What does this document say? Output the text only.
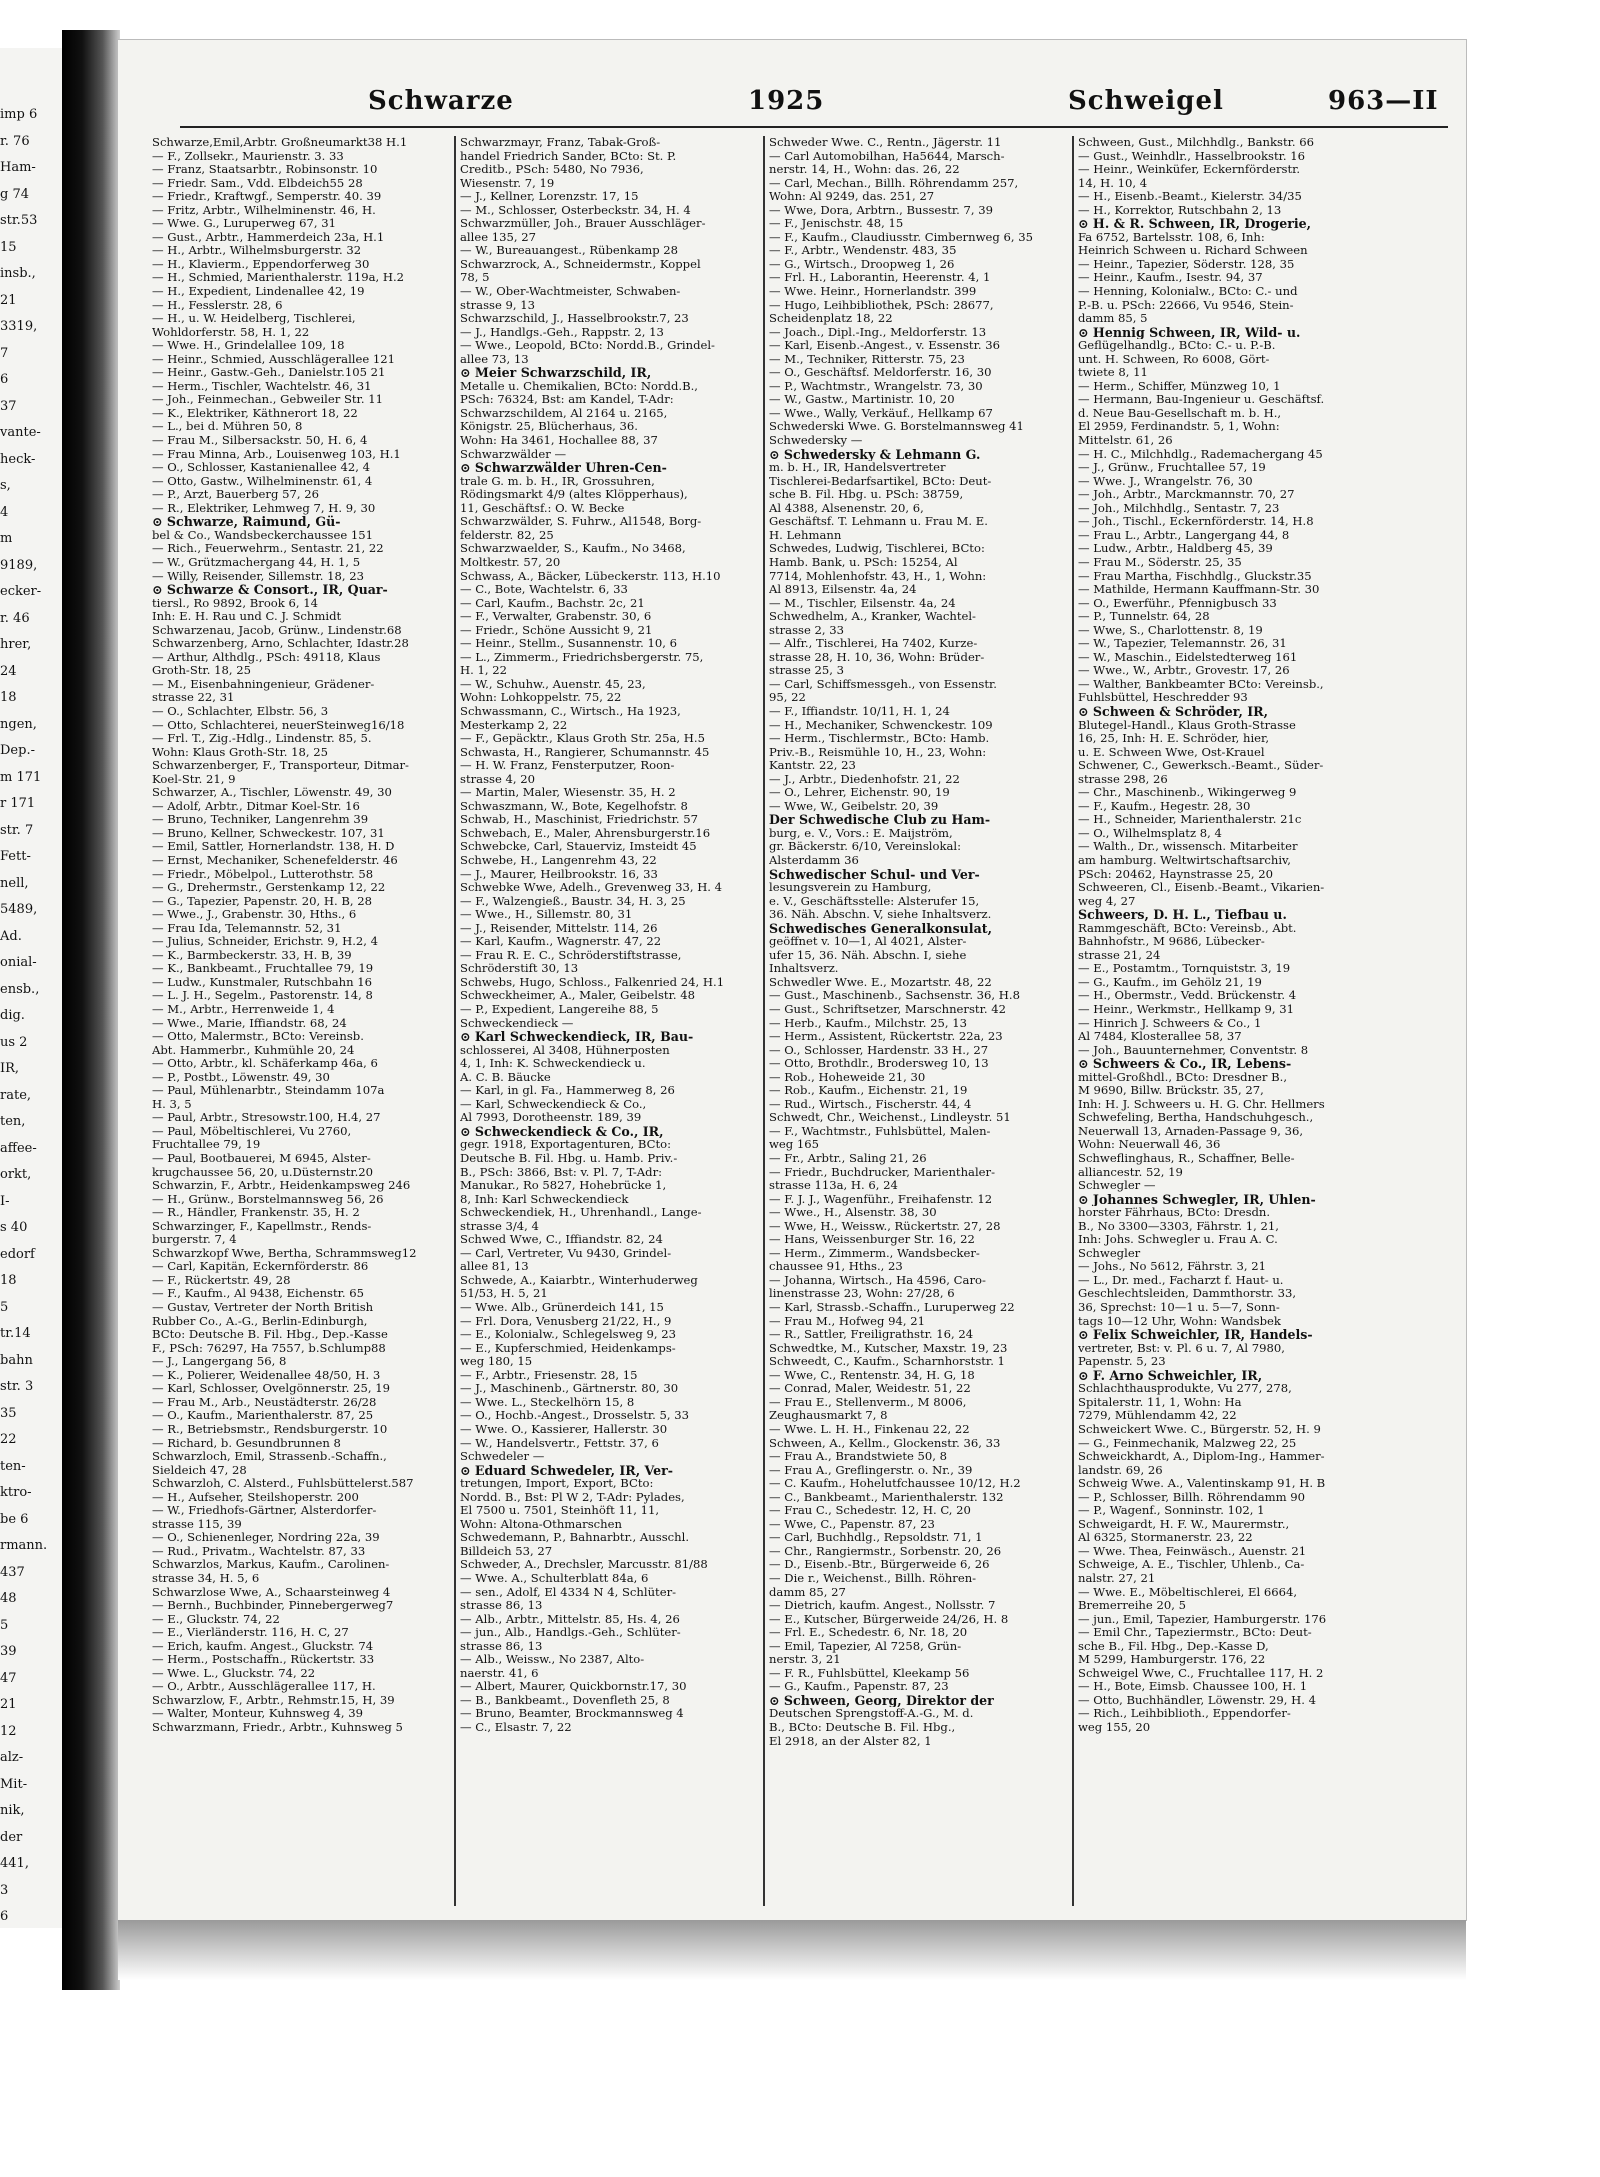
imp 6
r. 76
Ham-
g 74
str.53
15
insb.,
21
3319,
7
6
37
vante-
heck-
s,
4
m
9189,
ecker-
r. 46
hrer,
24
18
ngen,
Dep.-
m 171
r 171
str. 7
Fett-
nell,
5489,
Ad.
onial-
ensb.,
dig.
us 2
IR,
rate,
ten,
affee-
orkt,
I-
s 40
edorf
18
5
tr.14
bahn
str. 3
35
22
ten-
ktro-
be 6
rmann.
437
48
5
39
47
21
12
alz-
Mit-
nik,
der
441,
3
6
Schwarze	1925	Schweigel	963—II
Schwarze,Emil,Arbtr. Großneumarkt38 H.1
— F., Zollsekr., Maurienstr. 3. 33
— Franz, Staatsarbtr., Robinsonstr. 10
— Friedr. Sam., Vdd. Elbdeich55 28
— Friedr., Kraftwgf., Semperstr. 40. 39
— Fritz, Arbtr., Wilhelminenstr. 46, H.
— Wwe. G., Luruperweg 67, 31
— Gust., Arbtr., Hammerdeich 23a, H.1
— H., Arbtr., Wilhelmsburgerstr. 32
— H., Klavierm., Eppendorferweg 30
— H., Schmied, Marienthalerstr. 119a, H.2
— H., Expedient, Lindenallee 42, 19
— H., Fesslerstr. 28, 6
— H., u. W. Heidelberg, Tischlerei,
Wohldorferstr. 58, H. 1, 22
— Wwe. H., Grindelallee 109, 18
— Heinr., Schmied, Ausschlägerallee 121
— Heinr., Gastw.-Geh., Danielstr.105 21
— Herm., Tischler, Wachtelstr. 46, 31
— Joh., Feinmechan., Gebweiler Str. 11
— K., Elektriker, Käthnerort 18, 22
— L., bei d. Mühren 50, 8
— Frau M., Silbersackstr. 50, H. 6, 4
— Frau Minna, Arb., Louisenweg 103, H.1
— O., Schlosser, Kastanienallee 42, 4
— Otto, Gastw., Wilhelminenstr. 61, 4
— P., Arzt, Bauerberg 57, 26
— R., Elektriker, Lehmweg 7, H. 9, 30
⊙ Schwarze, Raimund, Gü-
bel & Co., Wandsbeckerchaussee 151
— Rich., Feuerwehrm., Sentastr. 21, 22
— W., Grützmachergang 44, H. 1, 5
— Willy, Reisender, Sillemstr. 18, 23
⊙ Schwarze & Consort., IR, Quar-
tiersl., Ro 9892, Brook 6, 14
Inh: E. H. Rau und C. J. Schmidt
Schwarzenau, Jacob, Grünw., Lindenstr.68
Schwarzenberg, Arno, Schlachter, Idastr.28
— Arthur, Althdlg., PSch: 49118, Klaus
Groth-Str. 18, 25
— M., Eisenbahningenieur, Grädener-
strasse 22, 31
— O., Schlachter, Elbstr. 56, 3
— Otto, Schlachterei, neuerSteinweg16/18
— Frl. T., Zig.-Hdlg., Lindenstr. 85, 5.
Wohn: Klaus Groth-Str. 18, 25
Schwarzenberger, F., Transporteur, Ditmar-
Koel-Str. 21, 9
Schwarzer, A., Tischler, Löwenstr. 49, 30
— Adolf, Arbtr., Ditmar Koel-Str. 16
— Bruno, Techniker, Langenrehm 39
— Bruno, Kellner, Schweckestr. 107, 31
— Emil, Sattler, Hornerlandstr. 138, H. D
— Ernst, Mechaniker, Schenefelderstr. 46
— Friedr., Möbelpol., Lutterothstr. 58
— G., Drehermstr., Gerstenkamp 12, 22
— G., Tapezier, Papenstr. 20, H. B, 28
— Wwe., J., Grabenstr. 30, Hths., 6
— Frau Ida, Telemannstr. 52, 31
— Julius, Schneider, Erichstr. 9, H.2, 4
— K., Barmbeckerstr. 33, H. B, 39
— K., Bankbeamt., Fruchtallee 79, 19
— Ludw., Kunstmaler, Rutschbahn 16
— L. J. H., Segelm., Pastorenstr. 14, 8
— M., Arbtr., Herrenweide 1, 4
— Wwe., Marie, Iffiandstr. 68, 24
— Otto, Malermstr., BCto: Vereinsb.
Abt. Hammerbr., Kuhmühle 20, 24
— Otto, Arbtr., kl. Schäferkamp 46a, 6
— P., Postbt., Löwenstr. 49, 30
— Paul, Mühlenarbtr., Steindamm 107a
H. 3, 5
— Paul, Arbtr., Stresowstr.100, H.4, 27
— Paul, Möbeltischlerei, Vu 2760,
Fruchtallee 79, 19
— Paul, Bootbauerei, M 6945, Alster-
krugchaussee 56, 20, u.Düsternstr.20
Schwarzin, F., Arbtr., Heidenkampsweg 246
— H., Grünw., Borstelmannsweg 56, 26
— R., Händler, Frankenstr. 35, H. 2
Schwarzinger, F., Kapellmstr., Rends-
burgerstr. 7, 4
Schwarzkopf Wwe, Bertha, Schrammsweg12
— Carl, Kapitän, Eckernförderstr. 86
— F., Rückertstr. 49, 28
— F., Kaufm., Al 9438, Eichenstr. 65
— Gustav, Vertreter der North British
Rubber Co., A.-G., Berlin-Edinburgh,
BCto: Deutsche B. Fil. Hbg., Dep.-Kasse
F., PSch: 76297, Ha 7557, b.Schlump88
— J., Langergang 56, 8
— K., Polierer, Weidenallee 48/50, H. 3
— Karl, Schlosser, Ovelgönnerstr. 25, 19
— Frau M., Arb., Neustädterstr. 26/28
— O., Kaufm., Marienthalerstr. 87, 25
— R., Betriebsmstr., Rendsburgerstr. 10
— Richard, b. Gesundbrunnen 8
Schwarzloch, Emil, Strassenb.-Schaffn.,
Sieldeich 47, 28
Schwarzloh, C. Alsterd., Fuhlsbüttelerst.587
— H., Aufseher, Steilshoperstr. 200
— W., Friedhofs-Gärtner, Alsterdorfer-
strasse 115, 39
— O., Schienenleger, Nordring 22a, 39
— Rud., Privatm., Wachtelstr. 87, 33
Schwarzlos, Markus, Kaufm., Carolinen-
strasse 34, H. 5, 6
Schwarzlose Wwe, A., Schaarsteinweg 4
— Bernh., Buchbinder, Pinnebergerweg7
— E., Gluckstr. 74, 22
— E., Vierländerstr. 116, H. C, 27
— Erich, kaufm. Angest., Gluckstr. 74
— Herm., Postschaffn., Rückertstr. 33
— Wwe. L., Gluckstr. 74, 22
— O., Arbtr., Ausschlägerallee 117, H.
Schwarzlow, F., Arbtr., Rehmstr.15, H, 39
— Walter, Monteur, Kuhnsweg 4, 39
Schwarzmann, Friedr., Arbtr., Kuhnsweg 5
Schwarzmayr, Franz, Tabak-Groß-
handel Friedrich Sander, BCto: St. P.
Creditb., PSch: 5480, No 7936,
Wiesenstr. 7, 19
— J., Kellner, Lorenzstr. 17, 15
— M., Schlosser, Osterbeckstr. 34, H. 4
Schwarzmüller, Joh., Brauer Ausschläger-
allee 135, 27
— W., Bureauangest., Rübenkamp 28
Schwarzrock, A., Schneidermstr., Koppel
78, 5
— W., Ober-Wachtmeister, Schwaben-
strasse 9, 13
Schwarzschild, J., Hasselbrookstr.7, 23
— J., Handlgs.-Geh., Rappstr. 2, 13
— Wwe., Leopold, BCto: Nordd.B., Grindel-
allee 73, 13
⊙ Meier Schwarzschild, IR,
Metalle u. Chemikalien, BCto: Nordd.B.,
PSch: 76324, Bst: am Kandel, T-Adr:
Schwarzschildem, Al 2164 u. 2165,
Königstr. 25, Blücherhaus, 36.
Wohn: Ha 3461, Hochallee 88, 37
Schwarzwälder —
⊙ Schwarzwälder Uhren-Cen-
trale G. m. b. H., IR, Grossuhren,
Rödingsmarkt 4/9 (altes Klöpperhaus),
11, Geschäftsf.: O. W. Becke
Schwarzwälder, S. Fuhrw., Al1548, Borg-
felderstr. 82, 25
Schwarzwaelder, S., Kaufm., No 3468,
Moltkestr. 57, 20
Schwass, A., Bäcker, Lübeckerstr. 113, H.10
— C., Bote, Wachtelstr. 6, 33
— Carl, Kaufm., Bachstr. 2c, 21
— F., Verwalter, Grabenstr. 30, 6
— Friedr., Schöne Aussicht 9, 21
— Heinr., Stellm., Susannenstr. 10, 6
— L., Zimmerm., Friedrichsbergerstr. 75,
H. 1, 22
— W., Schuhw., Auenstr. 45, 23,
Wohn: Lohkoppelstr. 75, 22
Schwassmann, C., Wirtsch., Ha 1923,
Mesterkamp 2, 22
— F., Gepäcktr., Klaus Groth Str. 25a, H.5
Schwasta, H., Rangierer, Schumannstr. 45
— H. W. Franz, Fensterputzer, Roon-
strasse 4, 20
— Martin, Maler, Wiesenstr. 35, H. 2
Schwaszmann, W., Bote, Kegelhofstr. 8
Schwab, H., Maschinist, Friedrichstr. 57
Schwebach, E., Maler, Ahrensburgerstr.16
Schwebcke, Carl, Stauerviz, Imsteidt 45
Schwebe, H., Langenrehm 43, 22
— J., Maurer, Heilbrookstr. 16, 33
Schwebke Wwe, Adelh., Grevenweg 33, H. 4
— F., Walzengieß., Baustr. 34, H. 3, 25
— Wwe., H., Sillemstr. 80, 31
— J., Reisender, Mittelstr. 114, 26
— Karl, Kaufm., Wagnerstr. 47, 22
— Frau R. E. C., Schröderstiftstrasse,
Schröderstift 30, 13
Schwebs, Hugo, Schloss., Falkenried 24, H.1
Schweckheimer, A., Maler, Geibelstr. 48
— P., Expedient, Langereihe 88, 5
Schweckendieck —
⊙ Karl Schweckendieck, IR, Bau-
schlosserei, Al 3408, Hühnerposten
4, 1, Inh: K. Schweckendieck u.
A. C. B. Bäucke
— Karl, in gl. Fa., Hammerweg 8, 26
— Karl, Schweckendieck & Co.,
Al 7993, Dorotheenstr. 189, 39
⊙ Schweckendieck & Co., IR,
gegr. 1918, Exportagenturen, BCto:
Deutsche B. Fil. Hbg. u. Hamb. Priv.-
B., PSch: 3866, Bst: v. Pl. 7, T-Adr:
Manukar., Ro 5827, Hohebrücke 1,
8, Inh: Karl Schweckendieck
Schweckendiek, H., Uhrenhandl., Lange-
strasse 3/4, 4
Schwed Wwe, C., Iffiandstr. 82, 24
— Carl, Vertreter, Vu 9430, Grindel-
allee 81, 13
Schwede, A., Kaiarbtr., Winterhuderweg
51/53, H. 5, 21
— Wwe. Alb., Grünerdeich 141, 15
— Frl. Dora, Venusberg 21/22, H., 9
— E., Kolonialw., Schlegelsweg 9, 23
— E., Kupferschmied, Heidenkamps-
weg 180, 15
— F., Arbtr., Friesenstr. 28, 15
— J., Maschinenb., Gärtnerstr. 80, 30
— Wwe. L., Steckelhörn 15, 8
— O., Hochb.-Angest., Drosselstr. 5, 33
— Wwe. O., Kassierer, Hallerstr. 30
— W., Handelsvertr., Fettstr. 37, 6
Schwedeler —
⊙ Eduard Schwedeler, IR, Ver-
tretungen, Import, Export, BCto:
Nordd. B., Bst: Pl W 2, T-Adr: Pylades,
El 7500 u. 7501, Steinhöft 11, 11,
Wohn: Altona-Othmarschen
Schwedemann, P., Bahnarbtr., Ausschl.
Billdeich 53, 27
Schweder, A., Drechsler, Marcusstr. 81/88
— Wwe. A., Schulterblatt 84a, 6
— sen., Adolf, El 4334 N 4, Schlüter-
strasse 86, 13
— Alb., Arbtr., Mittelstr. 85, Hs. 4, 26
— jun., Alb., Handlgs.-Geh., Schlüter-
strasse 86, 13
— Alb., Weissw., No 2387, Alto-
naerstr. 41, 6
— Albert, Maurer, Quickbornstr.17, 30
— B., Bankbeamt., Dovenfleth 25, 8
— Bruno, Beamter, Brockmannsweg 4
— C., Elsastr. 7, 22
Schweder Wwe. C., Rentn., Jägerstr. 11
— Carl Automobilhan, Ha5644, Marsch-
nerstr. 14, H., Wohn: das. 26, 22
— Carl, Mechan., Billh. Röhrendamm 257,
Wohn: Al 9249, das. 251, 27
— Wwe, Dora, Arbtrn., Bussestr. 7, 39
— F., Jenischstr. 48, 15
— F., Kaufm., Claudiusstr. Cimbernweg 6, 35
— F., Arbtr., Wendenstr. 483, 35
— G., Wirtsch., Droopweg 1, 26
— Frl. H., Laborantin, Heerenstr. 4, 1
— Wwe. Heinr., Hornerlandstr. 399
— Hugo, Leihbibliothek, PSch: 28677,
Scheidenplatz 18, 22
— Joach., Dipl.-Ing., Meldorferstr. 13
— Karl, Eisenb.-Angest., v. Essenstr. 36
— M., Techniker, Ritterstr. 75, 23
— O., Geschäftsf. Meldorferstr. 16, 30
— P., Wachtmstr., Wrangelstr. 73, 30
— W., Gastw., Martinistr. 10, 20
— Wwe., Wally, Verkäuf., Hellkamp 67
Schwederski Wwe. G. Borstelmannsweg 41
Schwedersky —
⊙ Schwedersky & Lehmann G.
m. b. H., IR, Handelsvertreter
Tischlerei-Bedarfsartikel, BCto: Deut-
sche B. Fil. Hbg. u. PSch: 38759,
Al 4388, Alsenenstr. 20, 6,
Geschäftsf. T. Lehmann u. Frau M. E.
H. Lehmann
Schwedes, Ludwig, Tischlerei, BCto:
Hamb. Bank, u. PSch: 15254, Al
7714, Mohlenhofstr. 43, H., 1, Wohn:
Al 8913, Eilsenstr. 4a, 24
— M., Tischler, Eilsenstr. 4a, 24
Schwedhelm, A., Kranker, Wachtel-
strasse 2, 33
— Alfr., Tischlerei, Ha 7402, Kurze-
strasse 28, H. 10, 36, Wohn: Brüder-
strasse 25, 3
— Carl, Schiffsmessgeh., von Essenstr.
95, 22
— F., Iffiandstr. 10/11, H. 1, 24
— H., Mechaniker, Schwenckestr. 109
— Herm., Tischlermstr., BCto: Hamb.
Priv.-B., Reismühle 10, H., 23, Wohn:
Kantstr. 22, 23
— J., Arbtr., Diedenhofstr. 21, 22
— O., Lehrer, Eichenstr. 90, 19
— Wwe, W., Geibelstr. 20, 39
Der Schwedische Club zu Ham-
burg, e. V., Vors.: E. Maijström,
gr. Bäckerstr. 6/10, Vereinslokal:
Alsterdamm 36
Schwedischer Schul- und Ver-
lesungsverein zu Hamburg,
e. V., Geschäftsstelle: Alsterufer 15,
36. Näh. Abschn. V, siehe Inhaltsverz.
Schwedisches Generalkonsulat,
geöffnet v. 10—1, Al 4021, Alster-
ufer 15, 36. Näh. Abschn. I, siehe
Inhaltsverz.
Schwedler Wwe. E., Mozartstr. 48, 22
— Gust., Maschinenb., Sachsenstr. 36, H.8
— Gust., Schriftsetzer, Marschnerstr. 42
— Herb., Kaufm., Milchstr. 25, 13
— Herm., Assistent, Rückertstr. 22a, 23
— O., Schlosser, Hardenstr. 33 H., 27
— Otto, Brothdlr., Brodersweg 10, 13
— Rob., Hoheweide 21, 30
— Rob., Kaufm., Eichenstr. 21, 19
— Rud., Wirtsch., Fischerstr. 44, 4
Schwedt, Chr., Weichenst., Lindleystr. 51
— F., Wachtmstr., Fuhlsbüttel, Malen-
weg 165
— Fr., Arbtr., Saling 21, 26
— Friedr., Buchdrucker, Marienthaler-
strasse 113a, H. 6, 24
— F. J. J., Wagenführ., Freihafenstr. 12
— Wwe., H., Alsenstr. 38, 30
— Wwe, H., Weissw., Rückertstr. 27, 28
— Hans, Weissenburger Str. 16, 22
— Herm., Zimmerm., Wandsbecker-
chaussee 91, Hths., 23
— Johanna, Wirtsch., Ha 4596, Caro-
linenstrasse 23, Wohn: 27/28, 6
— Karl, Strassb.-Schaffn., Luruperweg 22
— Frau M., Hofweg 94, 21
— R., Sattler, Freiligrathstr. 16, 24
Schwedtke, M., Kutscher, Maxstr. 19, 23
Schweedt, C., Kaufm., Scharnhorststr. 1
— Wwe, C., Rentenstr. 34, H. G, 18
— Conrad, Maler, Weidestr. 51, 22
— Frau E., Stellenverm., M 8006,
Zeughausmarkt 7, 8
— Wwe. L. H. H., Finkenau 22, 22
Schween, A., Kellm., Glockenstr. 36, 33
— Frau A., Brandstwiete 50, 8
— Frau A., Greflingerstr. o. Nr., 39
— C. Kaufm., Hohelutfchaussee 10/12, H.2
— C., Bankbeamt., Marienthalerstr. 132
— Frau C., Schedestr. 12, H. C, 20
— Wwe, C., Papenstr. 87, 23
— Carl, Buchhdlg., Repsoldstr. 71, 1
— Chr., Rangiermstr., Sorbenstr. 20, 26
— D., Eisenb.-Btr., Bürgerweide 6, 26
— Die r., Weichenst., Billh. Röhren-
damm 85, 27
— Dietrich, kaufm. Angest., Nollsstr. 7
— E., Kutscher, Bürgerweide 24/26, H. 8
— Frl. E., Schedestr. 6, Nr. 18, 20
— Emil, Tapezier, Al 7258, Grün-
nerstr. 3, 21
— F. R., Fuhlsbüttel, Kleekamp 56
— G., Kaufm., Papenstr. 87, 23
⊙ Schween, Georg, Direktor der
Deutschen Sprengstoff-A.-G., M. d.
B., BCto: Deutsche B. Fil. Hbg.,
El 2918, an der Alster 82, 1
Schween, Gust., Milchhdlg., Bankstr. 66
— Gust., Weinhdlr., Hasselbrookstr. 16
— Heinr., Weinküfer, Eckernförderstr.
14, H. 10, 4
— H., Eisenb.-Beamt., Kielerstr. 34/35
— H., Korrektor, Rutschbahn 2, 13
⊙ H. & R. Schween, IR, Drogerie,
Fa 6752, Bartelsstr. 108, 6, Inh:
Heinrich Schween u. Richard Schween
— Heinr., Tapezier, Söderstr. 128, 35
— Heinr., Kaufm., Isestr. 94, 37
— Henning, Kolonialw., BCto: C.- und
P.-B. u. PSch: 22666, Vu 9546, Stein-
damm 85, 5
⊙ Hennig Schween, IR, Wild- u.
Geflügelhandlg., BCto: C.- u. P.-B.
unt. H. Schween, Ro 6008, Gört-
twiete 8, 11
— Herm., Schiffer, Münzweg 10, 1
— Hermann, Bau-Ingenieur u. Geschäftsf.
d. Neue Bau-Gesellschaft m. b. H.,
El 2959, Ferdinandstr. 5, 1, Wohn:
Mittelstr. 61, 26
— H. C., Milchhdlg., Rademachergang 45
— J., Grünw., Fruchtallee 57, 19
— Wwe. J., Wrangelstr. 76, 30
— Joh., Arbtr., Marckmannstr. 70, 27
— Joh., Milchhdlg., Sentastr. 7, 23
— Joh., Tischl., Eckernförderstr. 14, H.8
— Frau L., Arbtr., Langergang 44, 8
— Ludw., Arbtr., Haldberg 45, 39
— Frau M., Söderstr. 25, 35
— Frau Martha, Fischhdlg., Gluckstr.35
— Mathilde, Hermann Kauffmann-Str. 30
— O., Ewerführ., Pfennigbusch 33
— P., Tunnelstr. 64, 28
— Wwe, S., Charlottenstr. 8, 19
— W., Tapezier, Telemannstr. 26, 31
— W., Maschin., Eidelstedterweg 161
— Wwe., W., Arbtr., Grovestr. 17, 26
— Walther, Bankbeamter BCto: Vereinsb.,
Fuhlsbüttel, Heschredder 93
⊙ Schween & Schröder, IR,
Blutegel-Handl., Klaus Groth-Strasse
16, 25, Inh: H. E. Schröder, hier,
u. E. Schween Wwe, Ost-Krauel
Schwener, C., Gewerksch.-Beamt., Süder-
strasse 298, 26
— Chr., Maschinenb., Wikingerweg 9
— F., Kaufm., Hegestr. 28, 30
— H., Schneider, Marienthalerstr. 21c
— O., Wilhelmsplatz 8, 4
— Walth., Dr., wissensch. Mitarbeiter
am hamburg. Weltwirtschaftsarchiv,
PSch: 20462, Haynstrasse 25, 20
Schweeren, Cl., Eisenb.-Beamt., Vikarien-
weg 4, 27
Schweers, D. H. L., Tiefbau u.
Rammgeschäft, BCto: Vereinsb., Abt.
Bahnhofstr., M 9686, Lübecker-
strasse 21, 24
— E., Postamtm., Tornquiststr. 3, 19
— G., Kaufm., im Gehölz 21, 19
— H., Obermstr., Vedd. Brückenstr. 4
— Heinr., Werkmstr., Hellkamp 9, 31
— Hinrich J. Schweers & Co., 1
Al 7484, Klosterallee 58, 37
— Joh., Bauunternehmer, Conventstr. 8
⊙ Schweers & Co., IR, Lebens-
mittel-Großhdl., BCto: Dresdner B.,
M 9690, Billw. Brückstr. 35, 27,
Inh: H. J. Schweers u. H. G. Chr. Hellmers
Schwefeling, Bertha, Handschuhgesch.,
Neuerwall 13, Arnaden-Passage 9, 36,
Wohn: Neuerwall 46, 36
Schweflinghaus, R., Schaffner, Belle-
alliancestr. 52, 19
Schwegler —
⊙ Johannes Schwegler, IR, Uhlen-
horster Fährhaus, BCto: Dresdn.
B., No 3300—3303, Fährstr. 1, 21,
Inh: Johs. Schwegler u. Frau A. C.
Schwegler
— Johs., No 5612, Fährstr. 3, 21
— L., Dr. med., Facharzt f. Haut- u.
Geschlechtsleiden, Dammthorstr. 33,
36, Sprechst: 10—1 u. 5—7, Sonn-
tags 10—12 Uhr, Wohn: Wandsbek
⊙ Felix Schweichler, IR, Handels-
vertreter, Bst: v. Pl. 6 u. 7, Al 7980,
Papenstr. 5, 23
⊙ F. Arno Schweichler, IR,
Schlachthausprodukte, Vu 277, 278,
Spitalerstr. 11, 1, Wohn: Ha
7279, Mühlendamm 42, 22
Schweickert Wwe. C., Bürgerstr. 52, H. 9
— G., Feinmechanik, Malzweg 22, 25
Schweickhardt, A., Diplom-Ing., Hammer-
landstr. 69, 26
Schweig Wwe. A., Valentinskamp 91, H. B
— P., Schlosser, Billh. Röhrendamm 90
— P., Wagenf., Sonninstr. 102, 1
Schweigardt, H. F. W., Maurermstr.,
Al 6325, Stormanerstr. 23, 22
— Wwe. Thea, Feinwäsch., Auenstr. 21
Schweige, A. E., Tischler, Uhlenb., Ca-
nalstr. 27, 21
— Wwe. E., Möbeltischlerei, El 6664,
Bremerreihe 20, 5
— jun., Emil, Tapezier, Hamburgerstr. 176
— Emil Chr., Tapeziermstr., BCto: Deut-
sche B., Fil. Hbg., Dep.-Kasse D,
M 5299, Hamburgerstr. 176, 22
Schweigel Wwe, C., Fruchtallee 117, H. 2
— H., Bote, Eimsb. Chaussee 100, H. 1
— Otto, Buchhändler, Löwenstr. 29, H. 4
— Rich., Leihbiblioth., Eppendorfer-
weg 155, 20
